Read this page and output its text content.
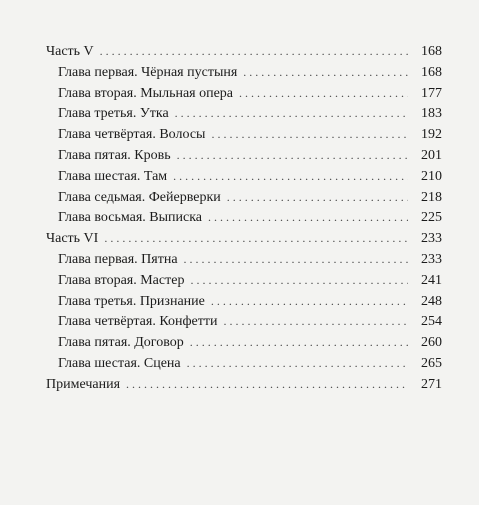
Часть V . . .	168
Глава первая. Чёрная пустыня . . .	168
Глава вторая. Мыльная опера . . .	177
Глава третья. Утка . . .	183
Глава четвёртая. Волосы . . .	192
Глава пятая. Кровь . . .	201
Глава шестая. Там . . .	210
Глава седьмая. Фейерверки . . .	218
Глава восьмая. Выписка . . .	225
Часть VI . . .	233
Глава первая. Пятна . . .	233
Глава вторая. Мастер . . .	241
Глава третья. Признание . . .	248
Глава четвёртая. Конфетти . . .	254
Глава пятая. Договор . . .	260
Глава шестая. Сцена . . .	265
Примечания . . .	271
